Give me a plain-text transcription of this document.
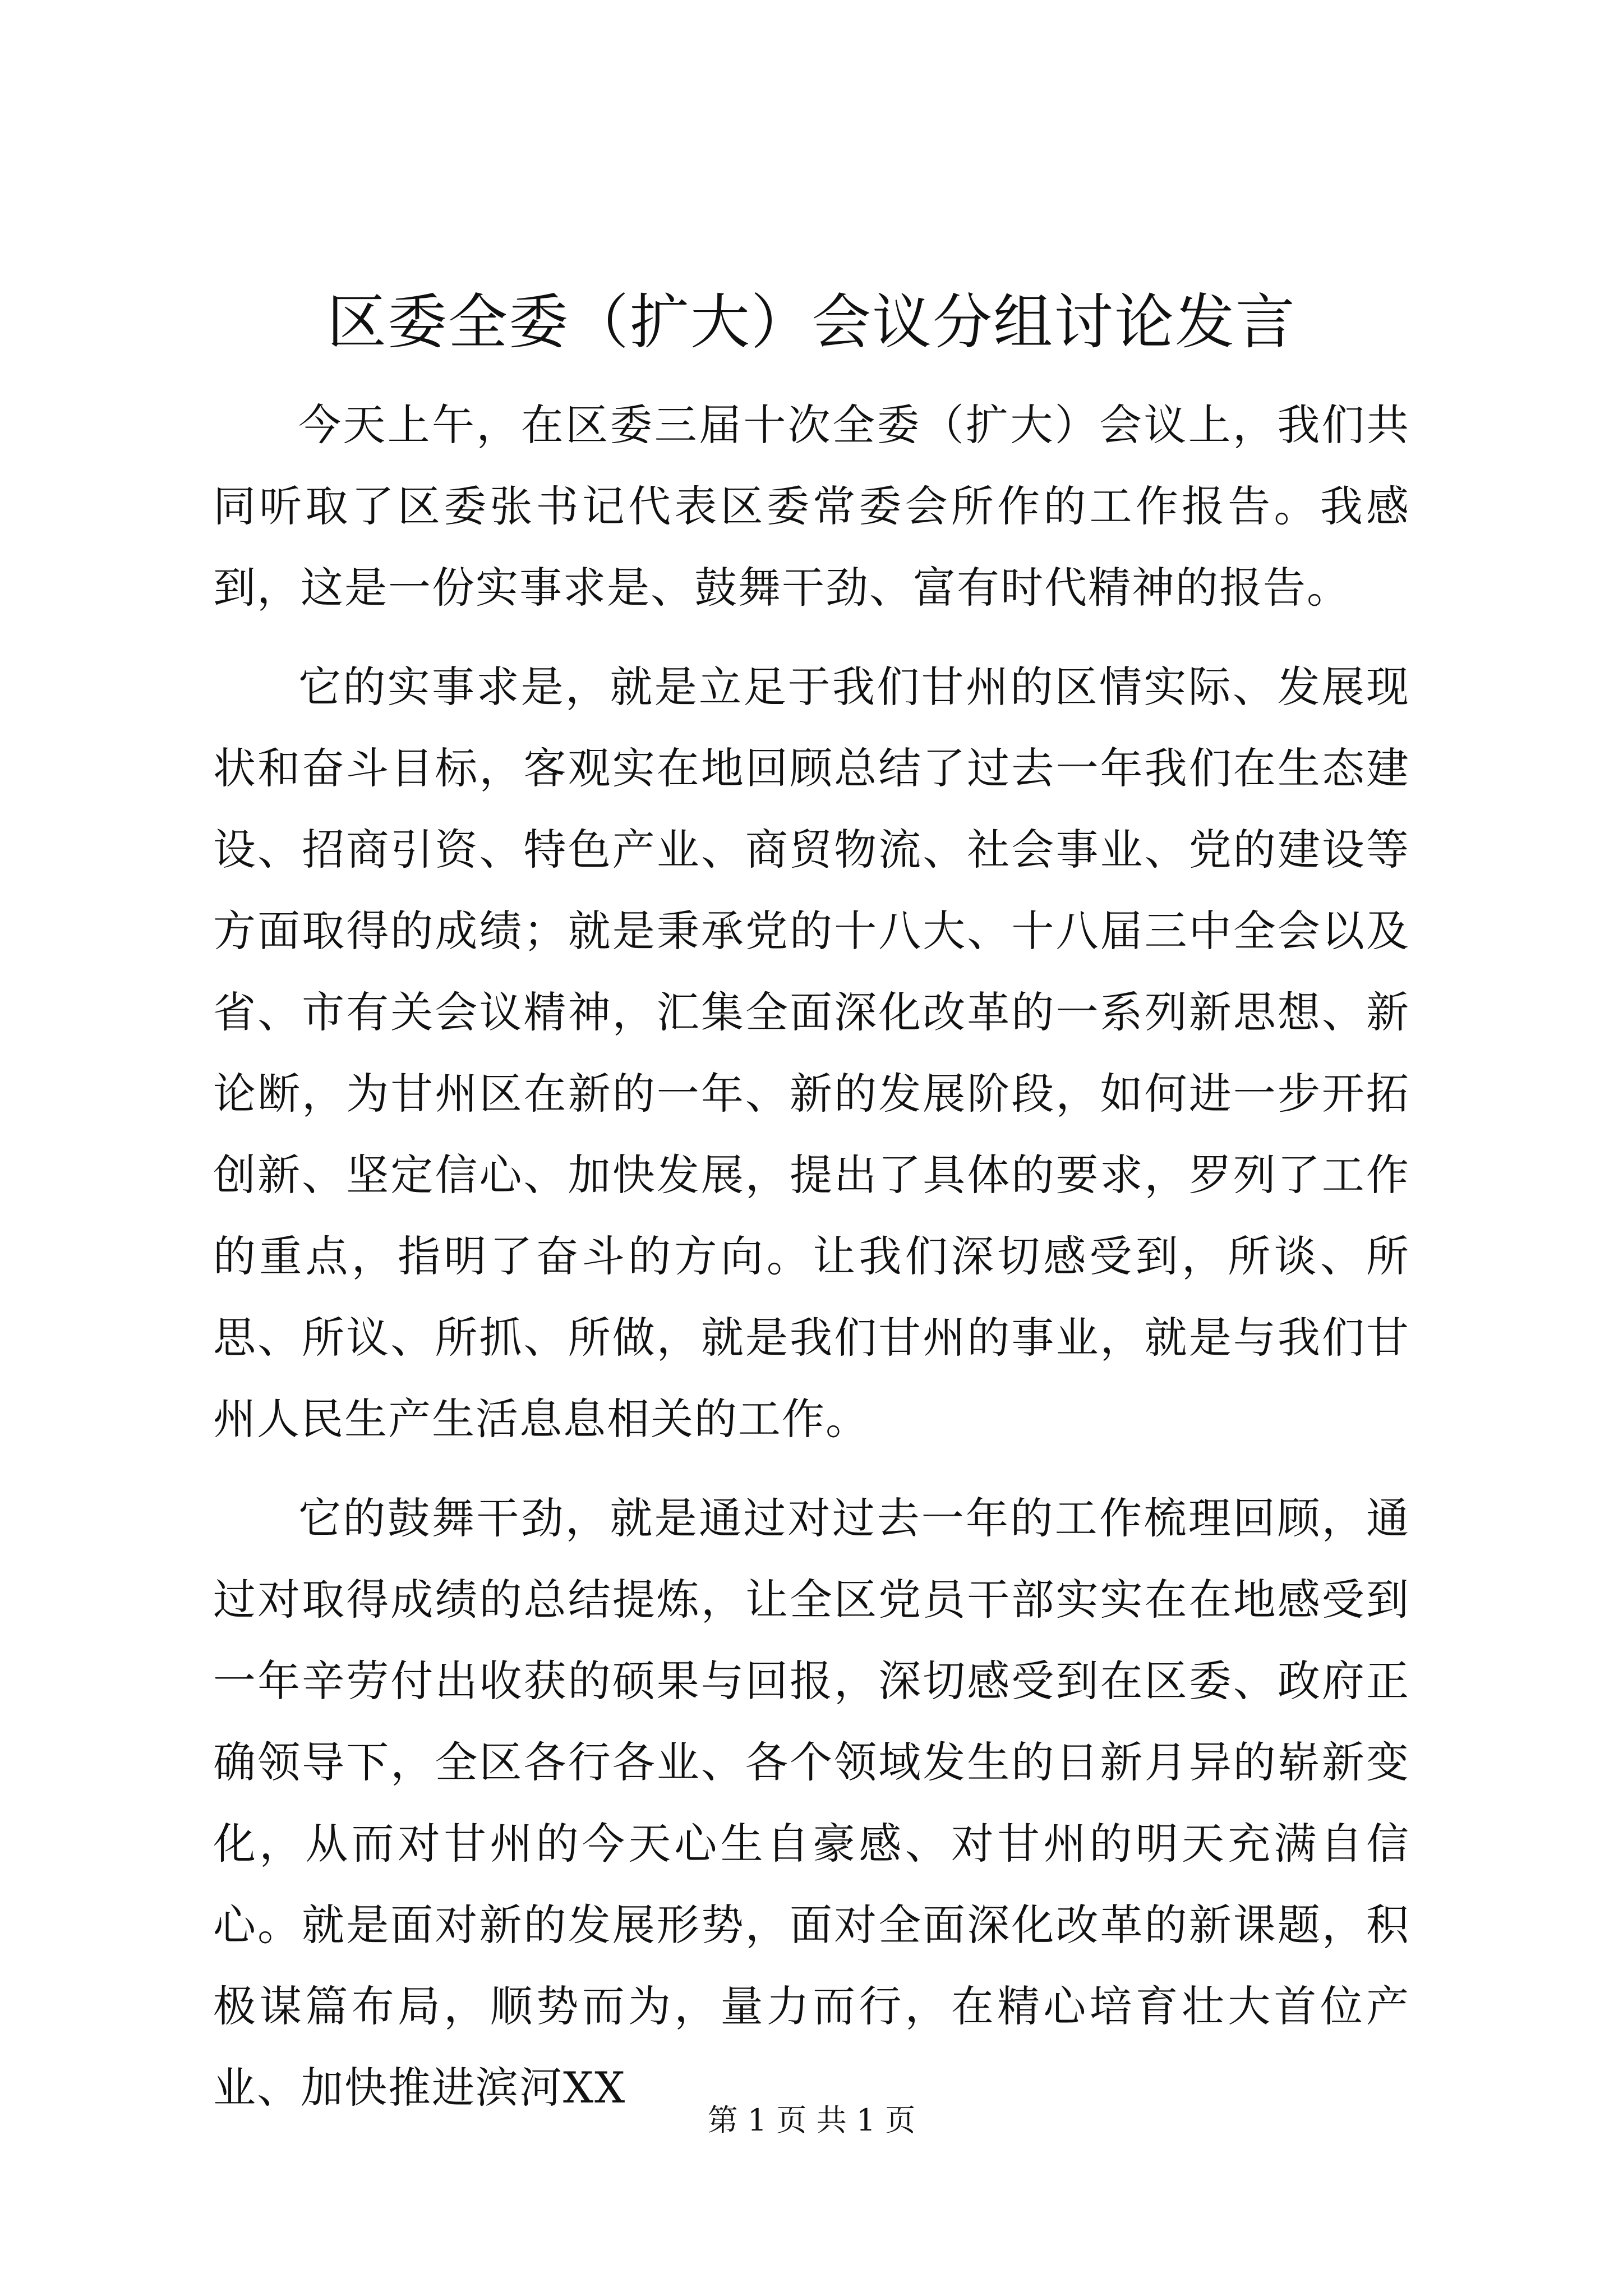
区委全委（扩大）会议分组讨论发言

今天上午，在区委三届十次全委（扩大）会议上，我们共同听取了区委张书记代表区委常委会所作的工作报告。我感到，这是一份实事求是、鼓舞干劲、富有时代精神的报告。

它的实事求是，就是立足于我们甘州的区情实际、发展现状和奋斗目标，客观实在地回顾总结了过去一年我们在生态建设、招商引资、特色产业、商贸物流、社会事业、党的建设等方面取得的成绩；就是秉承党的十八大、十八届三中全会以及省、市有关会议精神，汇集全面深化改革的一系列新思想、新论断，为甘州区在新的一年、新的发展阶段，如何进一步开拓创新、坚定信心、加快发展，提出了具体的要求，罗列了工作的重点，指明了奋斗的方向。让我们深切感受到，所谈、所思、所议、所抓、所做，就是我们甘州的事业，就是与我们甘州人民生产生活息息相关的工作。

它的鼓舞干劲，就是通过对过去一年的工作梳理回顾，通过对取得成绩的总结提炼，让全区党员干部实实在在地感受到一年辛劳付出收获的硕果与回报，深切感受到在区委、政府正确领导下，全区各行各业、各个领域发生的日新月异的崭新变化，从而对甘州的今天心生自豪感、对甘州的明天充满自信心。就是面对新的发展形势，面对全面深化改革的新课题，积极谋篇布局，顺势而为，量力而行，在精心培育壮大首位产业、加快推进滨河XX

第 1 页 共 1 页
